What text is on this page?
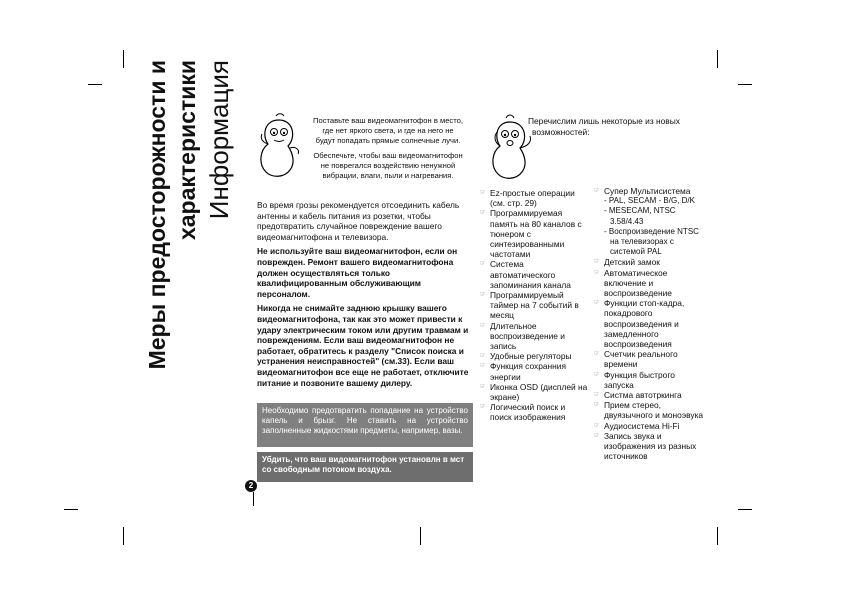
Меры предосторожности и характеристики Информация	Поставьте ваш видеомагнитофон в место,
где нет яркого света, и где на него не
будут попадать прямые солнечные лучи.
Обеспечьте, чтобы ваш видеомагнитофон
не поврегался воздействию ненужной
вибрации, влаги, пыли и нагревания.
Перечислим лишь некоторые из новых
возможностей:

Во время грозы рекомендуется отсоединить кабель антенны и кабель питания из розетки, чтобы предотвратить случайное повреждение вашего видеомагнитофона и телевизора.

Не используйте ваш видеомагнитофон, если он поврежден. Ремонт вашего видеомагнитофона должен осуществляться только квалифицированным обслуживающим персоналом.

Никогда не снимайте заднюю крышку вашего видеомагнитофона, так как это может привести к удару электрическим током или другим травмам и повреждениям. Если ваш видеомагнитофон не работает, обратитесь к разделу "Список поиска и устранения неисправностей" (см.33). Если ваш видеомагнитофон все еще не работает, отключите питание и позвоните вашему дилеру.

Необходимо предотвратить попадание на устройство капель и брызг. Не ставить на устройство заполненные жидкостями предметы, например, вазы.
Убдить, что ваш видомагнитофон установлн в мст со свободным потоком воздуха.
2
☞ Ez-простые операции (см. стр. 29)
☞ Программируемая память на 80 каналов с тюнером с синтезированными частотами
☞ Система автоматического запоминания канала
☞ Программируемый таймер на 7 событий в месяц
☞ Длительное воспроизведение и запись
☞ Удобные регуляторы
☞ Функция сохранния энергии
☞ Иконка OSD (дисплей на экране)
☞ Логический поиск и поиск изображения
☞ Супер Мультисистема
- PAL, SECAM - B/G, D/K
- MESECAM, NTSC 3.58/4.43
- Воспроизведение NTSC на телевизорах с системой PAL
☞ Детский замок
☞ Автоматическое включение и воспроизведение
☞ Функции стоп-кадра, покадрового воспроизведения и замедленного воспроизведения
☞ Счетчик реального времени
☞ Функция быстрого запуска
☞ Систма автотркинга
☞ Прием стерео, двуязычного и моноэвука
☞ Аудиосистема Hi-Fi
☞ Запись звука и изображения из разных источников
